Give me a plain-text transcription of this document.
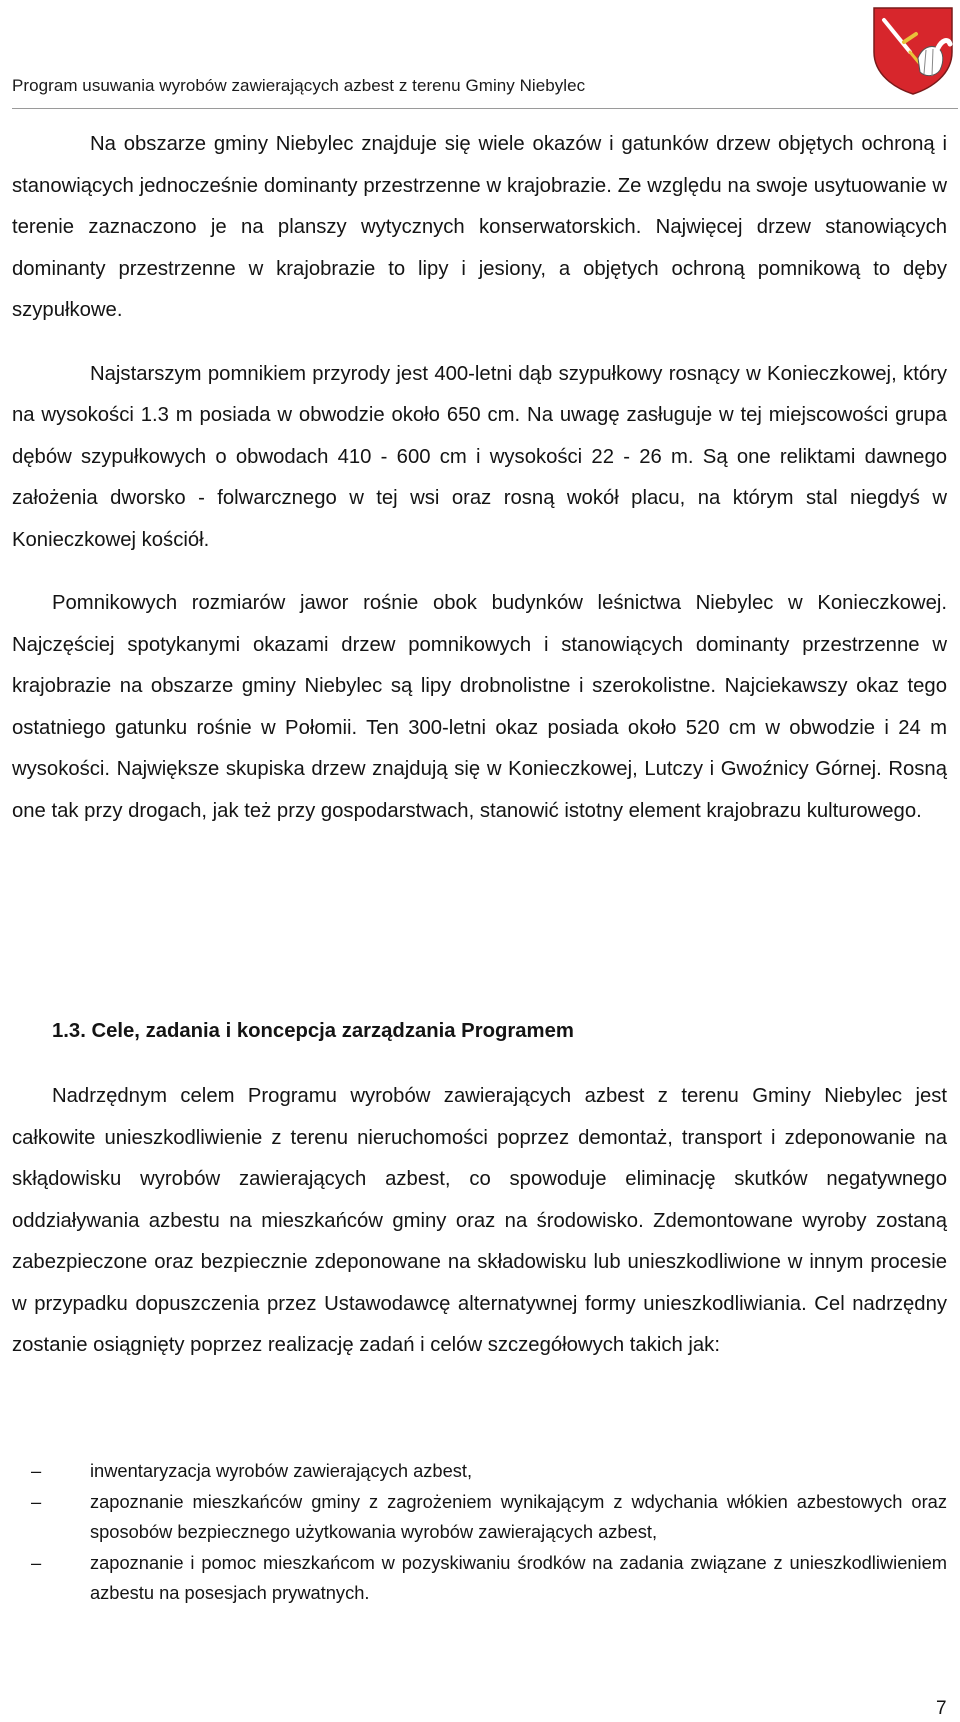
Program usuwania wyrobów zawierających azbest z terenu Gminy Niebylec

Na obszarze gminy Niebylec znajduje się wiele okazów i gatunków drzew objętych ochroną i stanowiących jednocześnie dominanty przestrzenne w krajobrazie. Ze względu na swoje usytuowanie w terenie zaznaczono je na planszy wytycznych konserwatorskich. Najwięcej drzew stanowiących dominanty przestrzenne w krajobrazie to lipy i jesiony, a objętych ochroną pomnikową to dęby szypułkowe.

Najstarszym pomnikiem przyrody jest 400-letni dąb szypułkowy rosnący w Konieczkowej, który na wysokości 1.3 m posiada w obwodzie około 650 cm. Na uwagę zasługuje w tej miejscowości grupa dębów szypułkowych o obwodach 410 - 600 cm i wysokości 22 - 26 m. Są one reliktami dawnego założenia dworsko - folwarcznego w tej wsi oraz rosną wokół placu, na którym stal niegdyś w Konieczkowej kościół.

Pomnikowych rozmiarów jawor rośnie obok budynków leśnictwa Niebylec w Konieczkowej. Najczęściej spotykanymi okazami drzew pomnikowych i stanowiących dominanty przestrzenne w krajobrazie na obszarze gminy Niebylec są lipy drobnolistne i szerokolistne. Najciekawszy okaz tego ostatniego gatunku rośnie w Połomii. Ten 300-letni okaz posiada około 520 cm w obwodzie i 24 m wysokości. Największe skupiska drzew znajdują się w Konieczkowej, Lutczy i Gwoźnicy Górnej. Rosną one tak przy drogach, jak też przy gospodarstwach, stanowić istotny element krajobrazu kulturowego.

1.3. Cele, zadania i koncepcja zarządzania Programem

Nadrzędnym celem Programu wyrobów zawierających azbest z terenu Gminy Niebylec jest całkowite unieszkodliwienie z terenu nieruchomości poprzez demontaż, transport i zdeponowanie na skłądowisku wyrobów zawierających azbest, co spowoduje eliminację skutków negatywnego oddziaływania azbestu na mieszkańców gminy oraz na środowisko. Zdemontowane wyroby zostaną zabezpieczone oraz bezpiecznie zdeponowane na składowisku lub unieszkodliwione w innym procesie w przypadku dopuszczenia przez Ustawodawcę alternatywnej formy unieszkodliwiania. Cel nadrzędny zostanie osiągnięty poprzez realizację zadań i celów szczegółowych takich jak:

–	inwentaryzacja wyrobów zawierających azbest,
–	zapoznanie mieszkańców gminy z zagrożeniem wynikającym z wdychania włókien azbestowych oraz sposobów bezpiecznego użytkowania wyrobów zawierających azbest,
–	zapoznanie i pomoc mieszkańcom w pozyskiwaniu środków na zadania związane z unieszkodliwieniem azbestu na posesjach prywatnych.
7
